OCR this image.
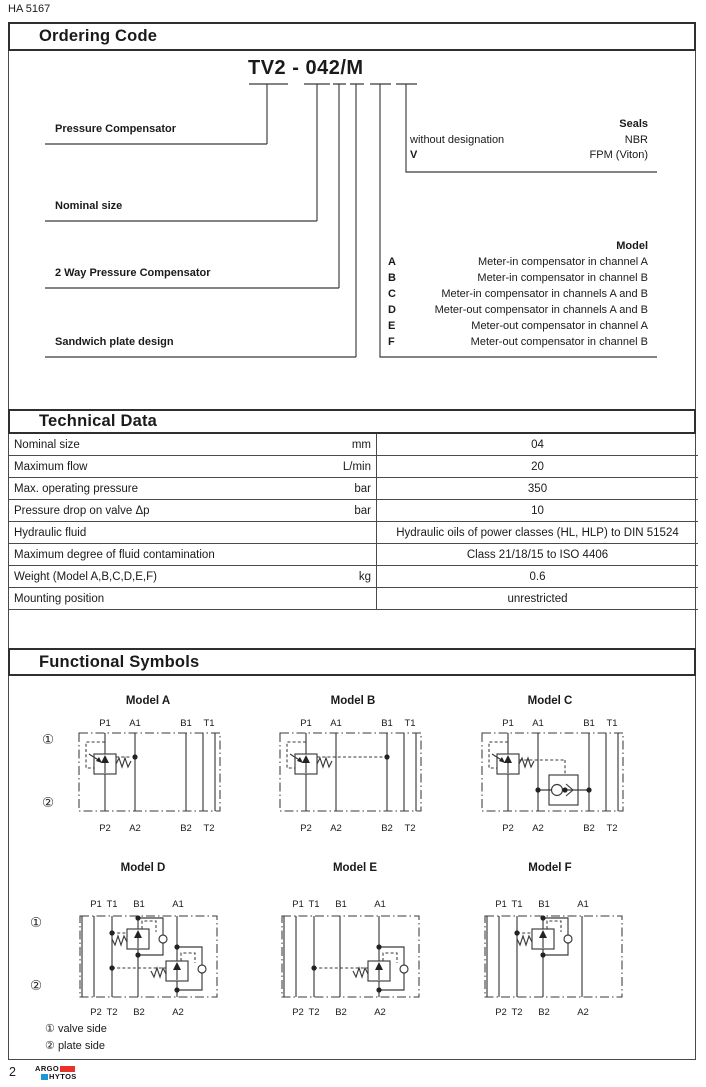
HA 5167
Ordering Code
TV2 - 042/M
Pressure Compensator
Nominal size
2 Way Pressure Compensator
Sandwich plate design
Seals
without designation	NBR
V	FPM (Viton)
Model
A	Meter-in compensator in channel A
B	Meter-in compensator in channel B
C	Meter-in compensator in channels A and B
D	Meter-out compensator in channels A and B
E	Meter-out compensator in channel A
F	Meter-out compensator in channel B
Technical Data
Nominal size	mm	04
Maximum flow	L/min	20
Max. operating pressure	bar	350
Pressure drop on valve Δp	bar	10
Hydraulic fluid	Hydraulic oils of power classes (HL, HLP) to DIN 51524
Maximum degree of fluid contamination	Class 21/18/15 to ISO 4406
Weight (Model A,B,C,D,E,F)	kg	0.6
Mounting position	unrestricted
Functional Symbols
Model A	Model B	Model C
Model D	Model E	Model F
①
②
①
②
P1 A1	B1 T1
P2 A2	B2 T2
P1 A1	B1 T1
P2 A2	B2 T2
P1 A1	B1 T1
P2 A2	B2 T2
P1 T1 B1	A1
P2 T2 B2	A2
P1 T1 B1	A1
P2 T2 B2	A2
P1 T1 B1	A1
P2 T2 B2	A2
① valve side
② plate side
2	ARGO
HYTOS
